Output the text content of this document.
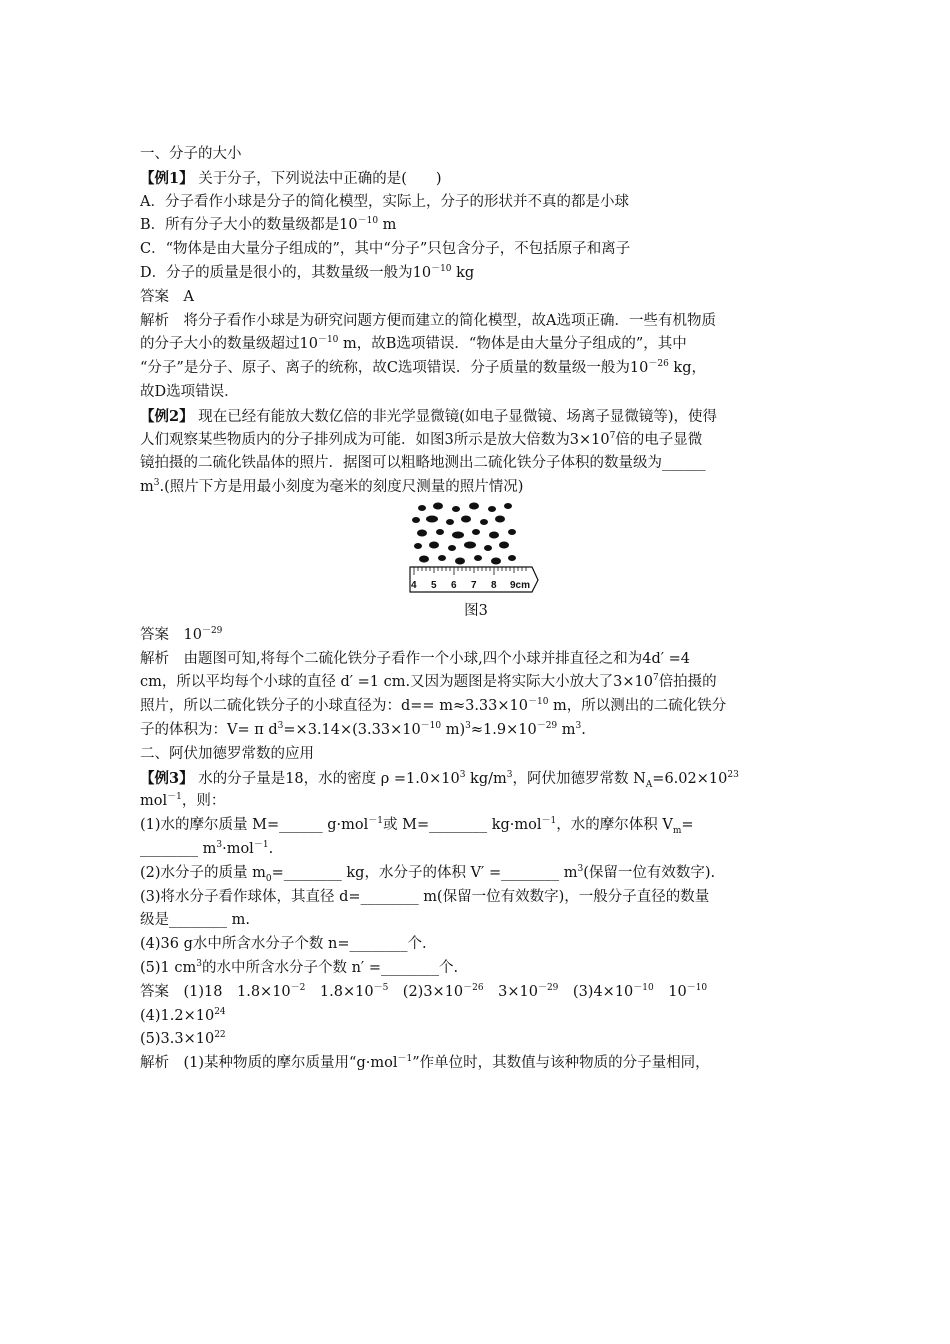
一、分子的大小
【例1】 关于分子，下列说法中正确的是(　　)
A．分子看作小球是分子的简化模型，实际上，分子的形状并不真的都是小球
B．所有分子大小的数量级都是$10^{-10}$ m
C．“物体是由大量分子组成的”，其中“分子”只包含分子，不包括原子和离子
D．分子的质量是很小的，其数量级一般为$10^{-10}$ kg
答案　A
解析　将分子看作小球是为研究问题方便而建立的简化模型，故A选项正确．一些有机物质
的分子大小的数量级超过$10^{-10}$ m，故B选项错误．“物体是由大量分子组成的”，其中
“分子”是分子、原子、离子的统称，故C选项错误．分子质量的数量级一般为$10^{-26}$ kg，
故D选项错误．
【例2】 现在已经有能放大数亿倍的非光学显微镜(如电子显微镜、场离子显微镜等)，使得
人们观察某些物质内的分子排列成为可能．如图3所示是放大倍数为$3\times 10^7$倍的电子显微
镜拍摄的二硫化铁晶体的照片．据图可以粗略地测出二硫化铁分子体积的数量级为______
$m^3$.(照片下方是用最小刻度为毫米的刻度尺测量的照片情况)
4 5 6 7 8 9cm
图3
答案　$10^{-29}$
解析　由题图可知,将每个二硫化铁分子看作一个小球,四个小球并排直径之和为4d′ =4
cm，所以平均每个小球的直径 d′ =1 cm.又因为题图是将实际大小放大了$3\times 10^7$倍拍摄的
照片，所以二硫化铁分子的小球直径为：$d== m\approx 3.33\times 10^{-10}$ m，所以测出的二硫化铁分
子的体积为：V= π $d^3=\times 3.14\times(3.33\times 10^{-10}$ $m)^3\approx 1.9\times 10^{-29}$ $m^3$.
二、阿伏加德罗常数的应用
【例3】 水的分子量是18，水的密度 $\rho =1.0\times 10^3$ $kg/m^3$，阿伏加德罗常数 $N_A=6.02\times 10^{23}$
mol$^{-1}$，则：
(1)水的摩尔质量 M=______ g·mol$^{-1}$或 M=________ kg·mol$^{-1}$，水的摩尔体积 $V_m=$
________ $m^3\cdot mol^{-1}$.
(2)水分子的质量 $m_0=\_\_\_\_\_\_\_\_$ kg，水分子的体积 V′ =________ $m^3$(保留一位有效数字).
(3)将水分子看作球体，其直径 d=________ m(保留一位有效数字)，一般分子直径的数量
级是________ m.
(4)36 g水中所含水分子个数 n=________个.
(5)1 $cm^3$的水中所含水分子个数 n′ =________个.
答案　(1)18　$1.8\times 10^{-2}$　$1.8\times 10^{-5}$　$(2)3\times 10^{-26}$　$3\times 10^{-29}$　$(3)4\times 10^{-10}$　$10^{-10}$
$(4)1.2\times 10^{24}$
$(5)3.3\times 10^{22}$
解析　(1)某种物质的摩尔质量用“g·mol$^{-1}$”作单位时，其数值与该种物质的分子量相同，
